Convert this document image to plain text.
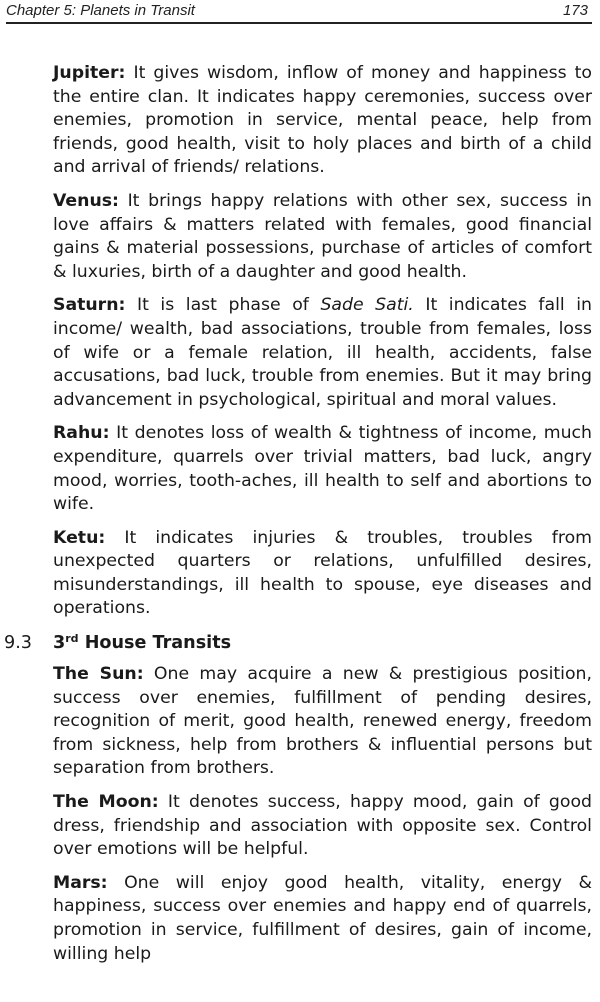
Chapter 5: Planets in Transit	173

Jupiter: It gives wisdom, inflow of money and happiness to the entire clan. It indicates happy ceremonies, success over enemies, promotion in service, mental peace, help from friends, good health, visit to holy places and birth of a child and arrival of friends/ relations.

Venus: It brings happy relations with other sex, success in love affairs & matters related with females, good financial gains & material possessions, purchase of articles of comfort & luxuries, birth of a daughter and good health.

Saturn: It is last phase of Sade Sati. It indicates fall in income/ wealth, bad associations, trouble from females, loss of wife or a female relation, ill health, accidents, false accusations, bad luck, trouble from enemies. But it may bring advancement in psychological, spiritual and moral values.

Rahu: It denotes loss of wealth & tightness of income, much expenditure, quarrels over trivial matters, bad luck, angry mood, worries, tooth-aches, ill health to self and abortions to wife.

Ketu: It indicates injuries & troubles, troubles from unexpected quarters or relations, unfulfilled desires, misunderstandings, ill health to spouse, eye diseases and operations.

9.3 3rd House Transits

The Sun: One may acquire a new & prestigious position, success over enemies, fulfillment of pending desires, recognition of merit, good health, renewed energy, freedom from sickness, help from brothers & influential persons but separation from brothers.

The Moon: It denotes success, happy mood, gain of good dress, friendship and association with opposite sex. Control over emotions will be helpful.

Mars: One will enjoy good health, vitality, energy & happiness, success over enemies and happy end of quarrels, promotion in service, fulfillment of desires, gain of income, willing help
